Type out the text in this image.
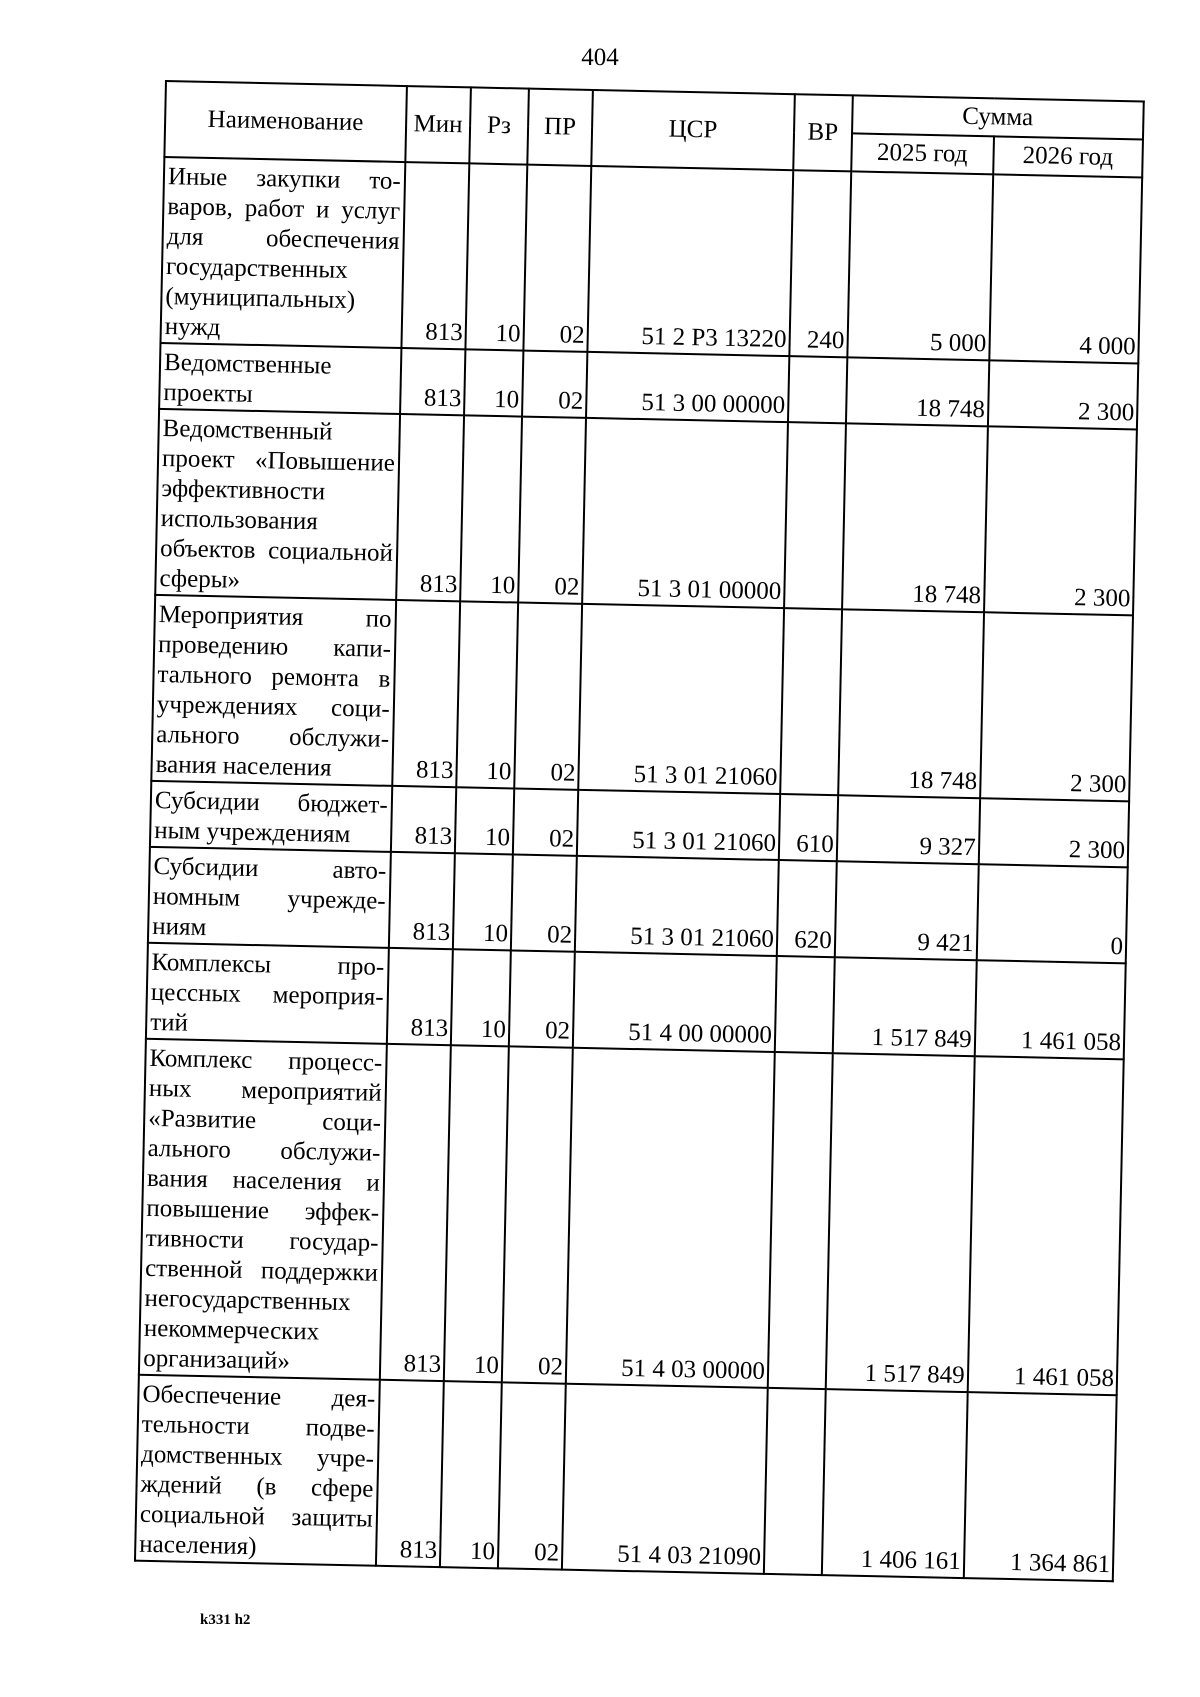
404
Наименование	Мин	Рз	ПР	ЦСР	ВР	Сумма	
						2025 год	2026 год
Иные закупки товаров, работ и услуг для обеспечения государственных (муниципальных) нужд	813	10	02	51 2 Р3 13220	240	5 000	4 000
Ведомственные проекты	813	10	02	51 3 00 00000		18 748	2 300
Ведомственный проект «Повышение эффективности использования объектов социальной сферы»	813	10	02	51 3 01 00000		18 748	2 300
Мероприятия по проведению капитального ремонта в учреждениях социального обслуживания населения	813	10	02	51 3 01 21060		18 748	2 300
Субсидии бюджетным учреждениям	813	10	02	51 3 01 21060	610	9 327	2 300
Субсидии автономным учреждениям	813	10	02	51 3 01 21060	620	9 421	0
Комплексы процессных мероприятий	813	10	02	51 4 00 00000		1 517 849	1 461 058
Комплекс процессных мероприятий «Развитие социального обслуживания населения и повышение эффективности государственной поддержки негосударственных некоммерческих организаций»	813	10	02	51 4 03 00000		1 517 849	1 461 058
Обеспечение деятельности подведомственных учреждений (в сфере социальной защиты населения)	813	10	02	51 4 03 21090		1 406 161	1 364 861
k331 h2
